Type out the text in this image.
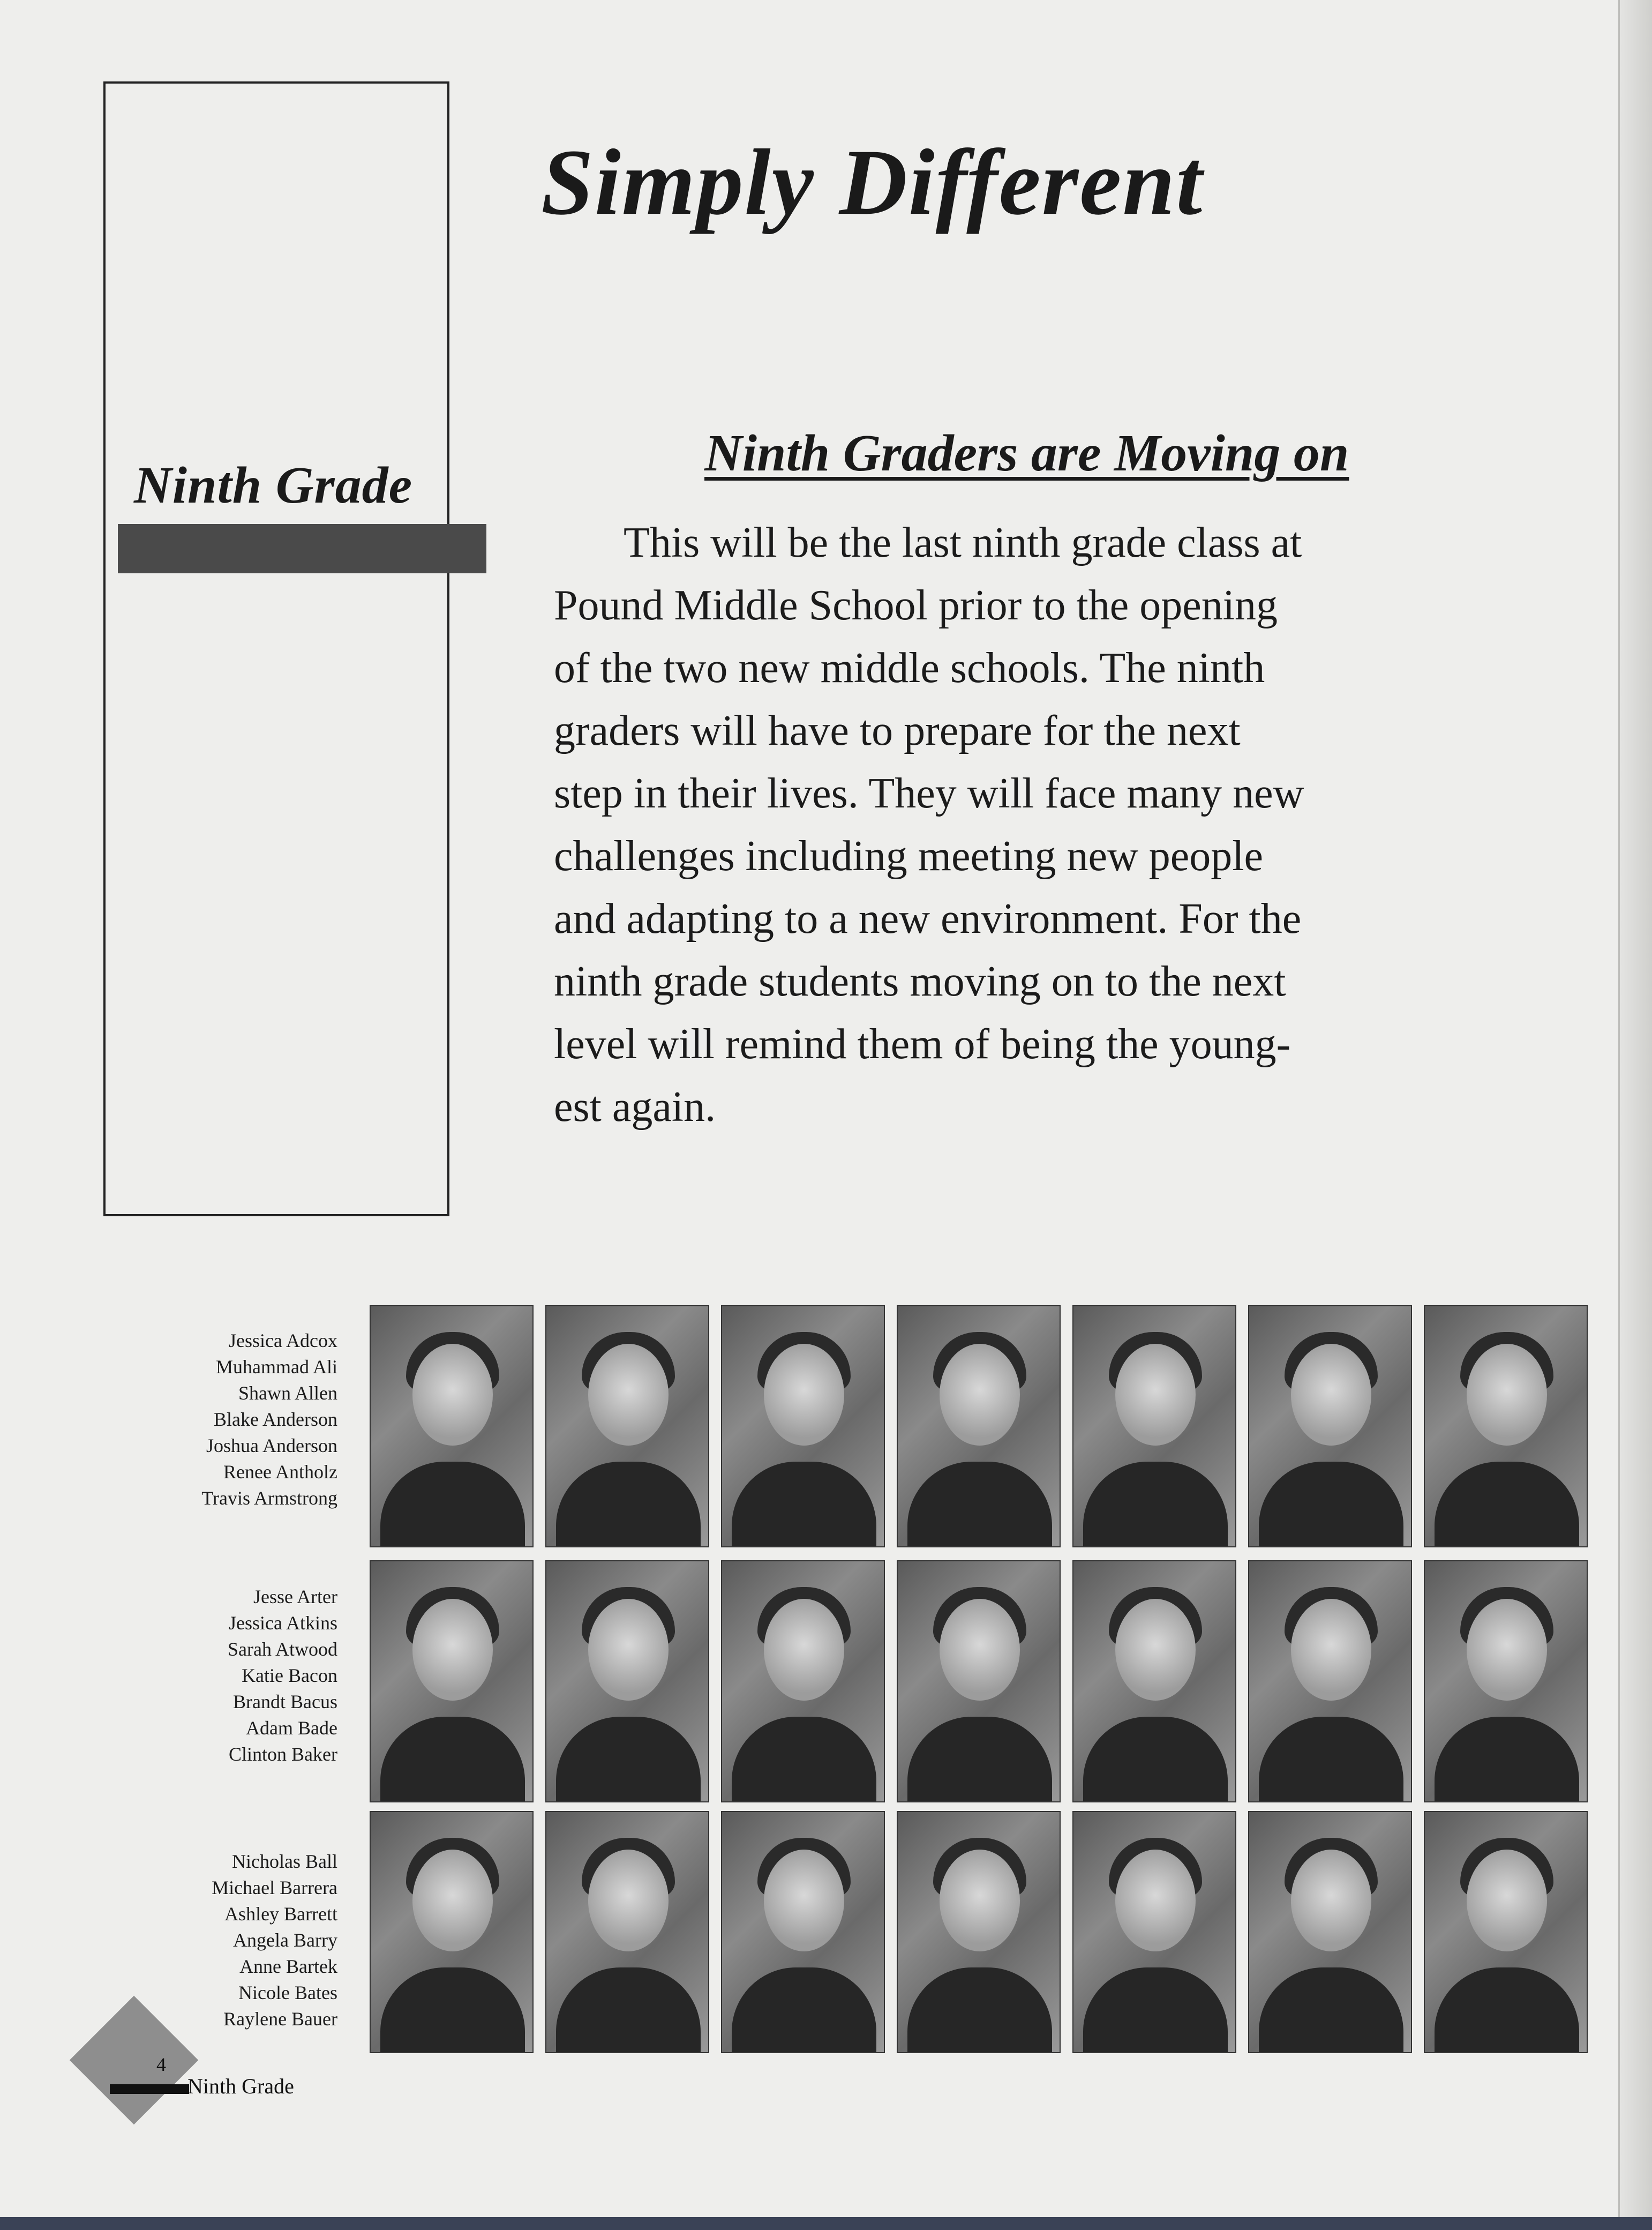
Ninth Grade
Simply Different
Ninth Graders are Moving on
This will be the last ninth grade class at
Pound Middle School prior to the opening
of the two new middle schools. The ninth
graders will have to prepare for the next
step in their lives. They will face many new
challenges including meeting new people
and adapting to a new environment. For the
ninth grade students moving on to the next
level will remind them of being the young-
est again.
Jessica Adcox
Muhammad Ali
Shawn Allen
Blake Anderson
Joshua Anderson
Renee Antholz
Travis Armstrong
Jesse Arter
Jessica Atkins
Sarah Atwood
Katie Bacon
Brandt Bacus
Adam Bade
Clinton Baker
Nicholas Ball
Michael Barrera
Ashley Barrett
Angela Barry
Anne Bartek
Nicole Bates
Raylene Bauer
4
Ninth Grade
